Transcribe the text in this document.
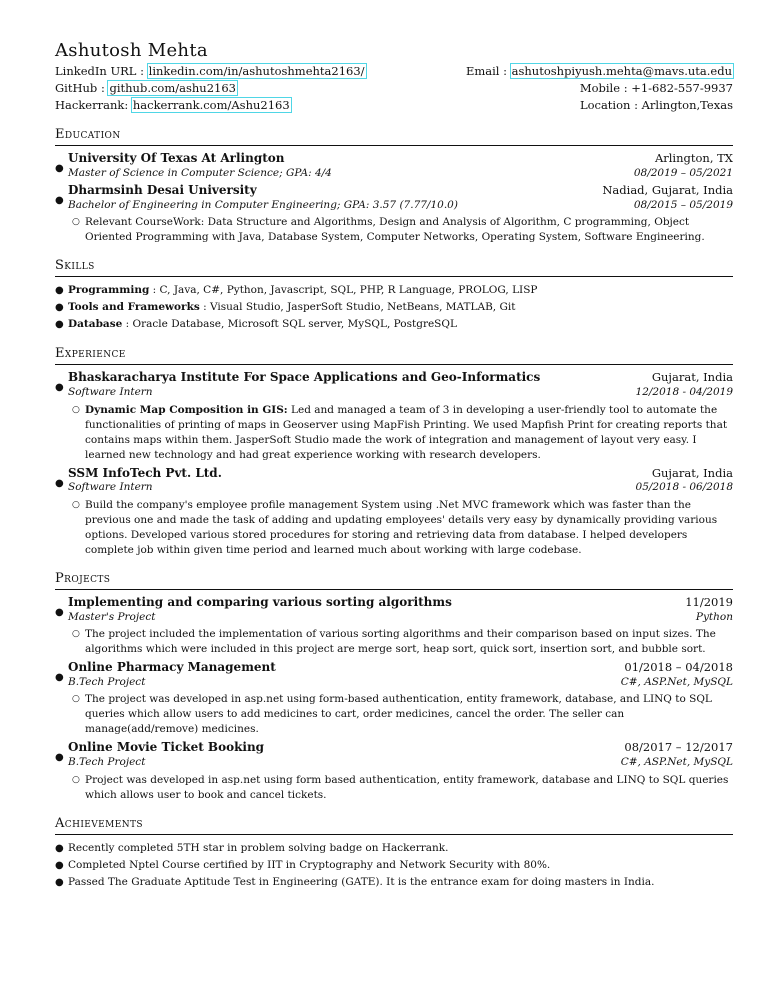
Ashutosh Mehta
LinkedIn URL : linkedin.com/in/ashutoshmehta2163/
GitHub : github.com/ashu2163
Hackerrank: hackerrank.com/Ashu2163
Email : ashutoshpiyush.mehta@mavs.uta.edu
Mobile : +1-682-557-9937
Location : Arlington,Texas
Education
●
University Of Texas At Arlington	Arlington, TX
Master of Science in Computer Science; GPA: 4/4	08/2019 – 05/2021
●
Dharmsinh Desai University	Nadiad, Gujarat, India
Bachelor of Engineering in Computer Engineering; GPA: 3.57 (7.77/10.0)	08/2015 – 05/2019
○ Relevant CourseWork: Data Structure and Algorithms, Design and Analysis of Algorithm, C programming, Object Oriented Programming with Java, Database System, Computer Networks, Operating System, Software Engineering.
Skills
● Programming : C, Java, C#, Python, Javascript, SQL, PHP, R Language, PROLOG, LISP
● Tools and Frameworks : Visual Studio, JasperSoft Studio, NetBeans, MATLAB, Git
● Database : Oracle Database, Microsoft SQL server, MySQL, PostgreSQL
Experience
●
Bhaskaracharya Institute For Space Applications and Geo-Informatics	Gujarat, India
Software Intern	12/2018 - 04/2019
○ Dynamic Map Composition in GIS: Led and managed a team of 3 in developing a user-friendly tool to automate the functionalities of printing of maps in Geoserver using MapFish Printing. We used Mapfish Print for creating reports that contains maps within them. JasperSoft Studio made the work of integration and management of layout very easy. I learned new technology and had great experience working with research developers.
●
SSM InfoTech Pvt. Ltd.	Gujarat, India
Software Intern	05/2018 - 06/2018
○ Build the company's employee profile management System using .Net MVC framework which was faster than the previous one and made the task of adding and updating employees' details very easy by dynamically providing various options. Developed various stored procedures for storing and retrieving data from database. I helped developers complete job within given time period and learned much about working with large codebase.
Projects
●
Implementing and comparing various sorting algorithms	11/2019
Master's Project	Python
○ The project included the implementation of various sorting algorithms and their comparison based on input sizes. The algorithms which were included in this project are merge sort, heap sort, quick sort, insertion sort, and bubble sort.
●
Online Pharmacy Management	01/2018 – 04/2018
B.Tech Project	C#, ASP.Net, MySQL
○ The project was developed in asp.net using form-based authentication, entity framework, database, and LINQ to SQL queries which allow users to add medicines to cart, order medicines, cancel the order. The seller can manage(add/remove) medicines.
●
Online Movie Ticket Booking	08/2017 – 12/2017
B.Tech Project	C#, ASP.Net, MySQL
○ Project was developed in asp.net using form based authentication, entity framework, database and LINQ to SQL queries which allows user to book and cancel tickets.
Achievements
● Recently completed 5TH star in problem solving badge on Hackerrank.
● Completed Nptel Course certified by IIT in Cryptography and Network Security with 80%.
● Passed The Graduate Aptitude Test in Engineering (GATE). It is the entrance exam for doing masters in India.
